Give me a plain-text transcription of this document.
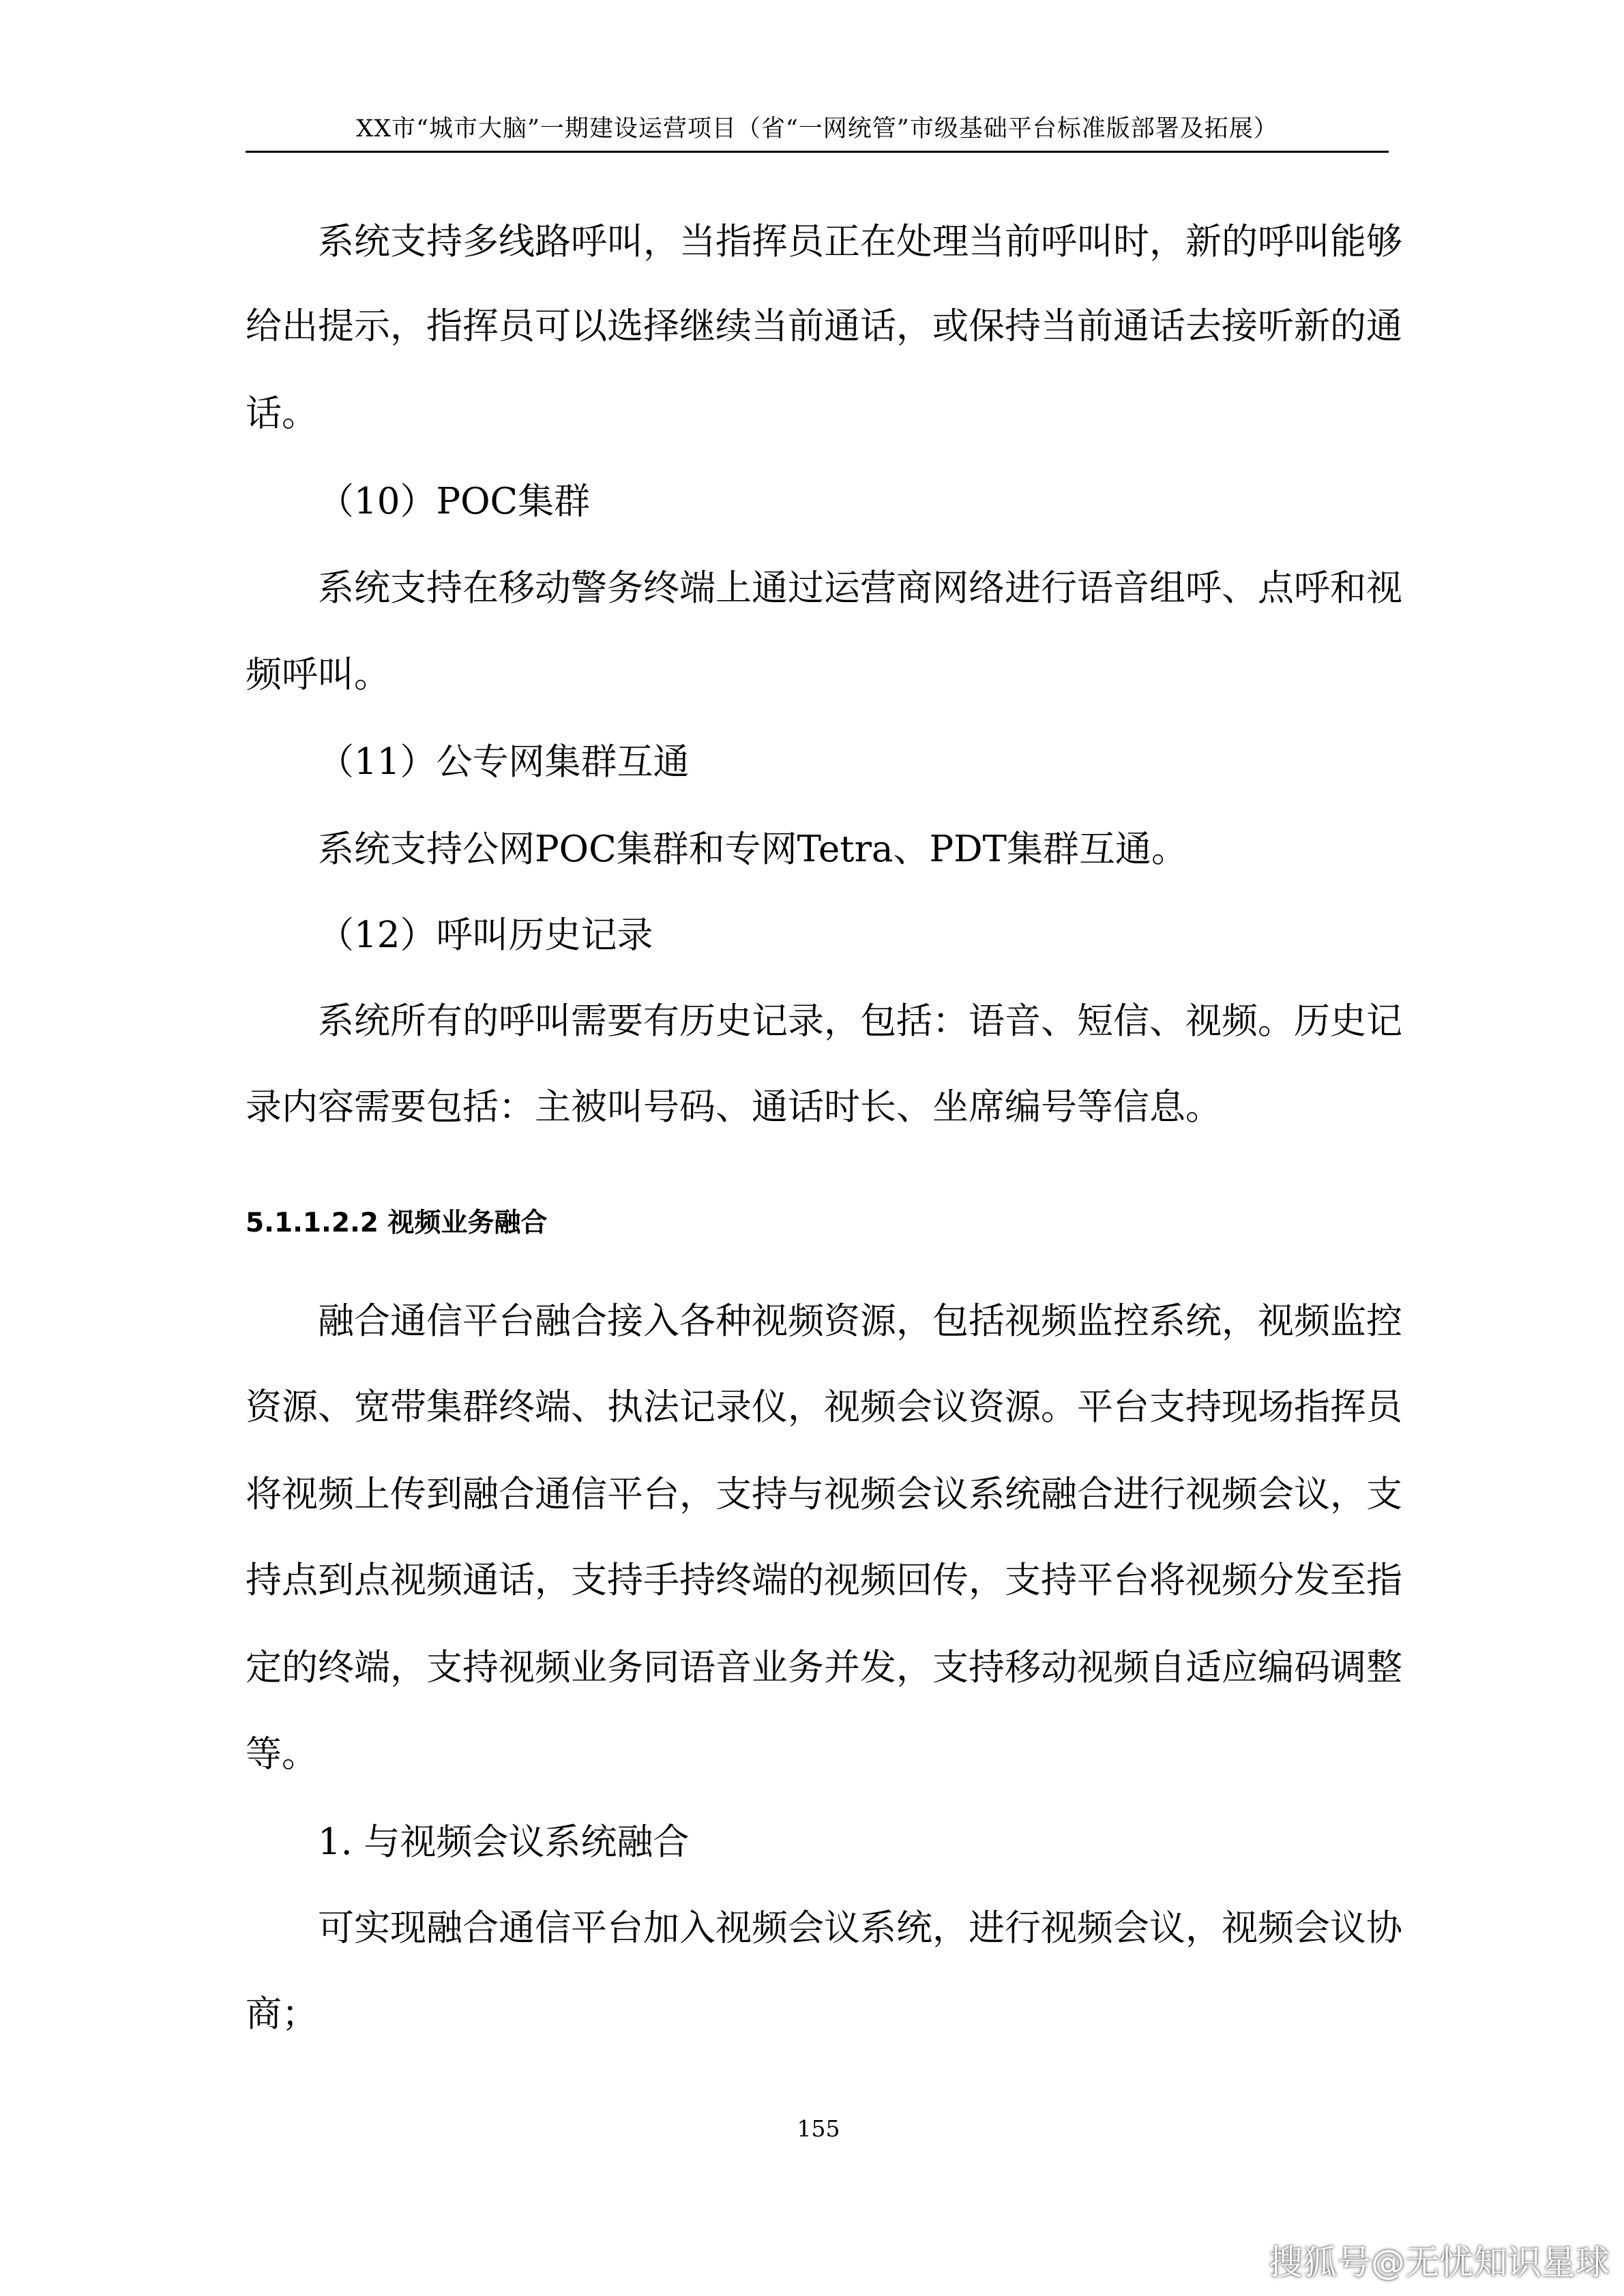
XX市“城市大脑”一期建设运营项目（省“一网统管”市级基础平台标准版部署及拓展）
系统支持多线路呼叫，当指挥员正在处理当前呼叫时，新的呼叫能够
给出提示，指挥员可以选择继续当前通话，或保持当前通话去接听新的通
话。
（10）POC集群
系统支持在移动警务终端上通过运营商网络进行语音组呼、点呼和视
频呼叫。
（11）公专网集群互通
系统支持公网POC集群和专网Tetra、PDT集群互通。
（12）呼叫历史记录
系统所有的呼叫需要有历史记录，包括：语音、短信、视频。历史记
录内容需要包括：主被叫号码、通话时长、坐席编号等信息。
5.1.1.2.2 视频业务融合
融合通信平台融合接入各种视频资源，包括视频监控系统，视频监控
资源、宽带集群终端、执法记录仪，视频会议资源。平台支持现场指挥员
将视频上传到融合通信平台，支持与视频会议系统融合进行视频会议，支
持点到点视频通话，支持手持终端的视频回传，支持平台将视频分发至指
定的终端，支持视频业务同语音业务并发，支持移动视频自适应编码调整
等。
1. 与视频会议系统融合
可实现融合通信平台加入视频会议系统，进行视频会议，视频会议协
商；
155
搜狐号@无忧知识星球
